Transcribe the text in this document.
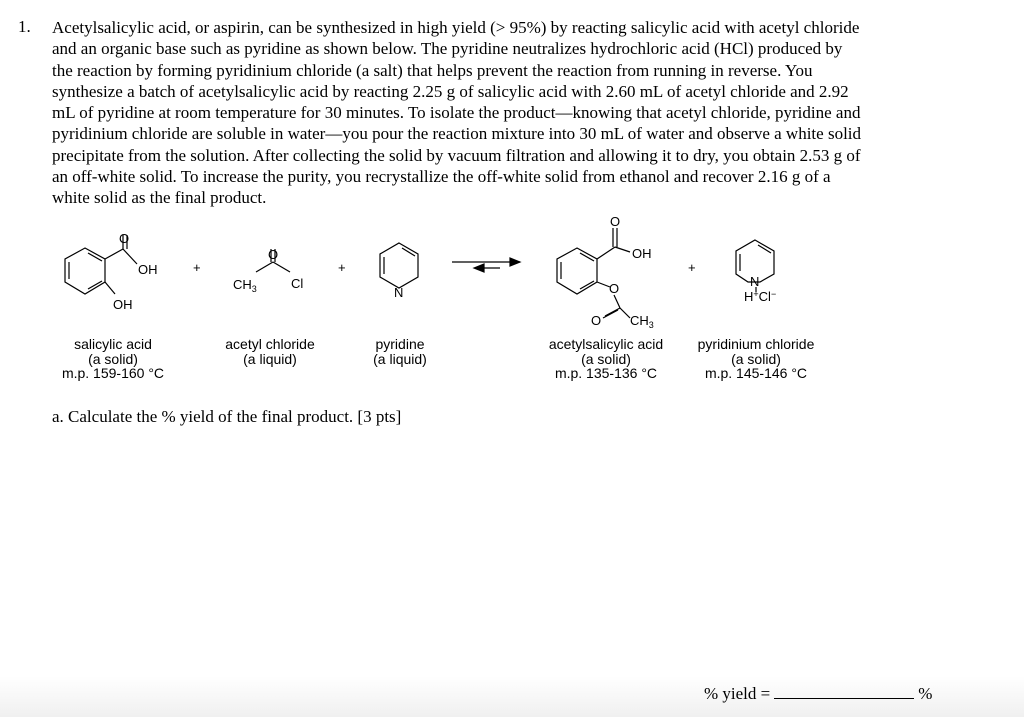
1. Acetylsalicylic acid, or aspirin, can be synthesized in high yield (> 95%) by reacting salicylic acid with acetyl chloride
and an organic base such as pyridine as shown below. The pyridine neutralizes hydrochloric acid (HCl) produced by
the reaction by forming pyridinium chloride (a salt) that helps prevent the reaction from running in reverse. You
synthesize a batch of acetylsalicylic acid by reacting 2.25 g of salicylic acid with 2.60 mL of acetyl chloride and 2.92
mL of pyridine at room temperature for 30 minutes. To isolate the product—knowing that acetyl chloride, pyridine and
pyridinium chloride are soluble in water—you pour the reaction mixture into 30 mL of water and observe a white solid
precipitate from the solution. After collecting the solid by vacuum filtration and allowing it to dry, you obtain 2.53 g of
an off-white solid. To increase the purity, you recrystallize the off-white solid from ethanol and recover 2.16 g of a
white solid as the final product.
O
OH
OH
+
O
$CH_3$	Cl
+
N
O
OH
O
O $CH_3$
+
N
H+Cl−
salicylic acid
(a solid)
m.p. 159-160 °C
acetyl chloride
(a liquid)
pyridine
(a liquid)
acetylsalicylic acid
(a solid)
m.p. 135-136 °C
pyridinium chloride
(a solid)
m.p. 145-146 °C
a. Calculate the % yield of the final product. [3 pts]
% yield =	%
